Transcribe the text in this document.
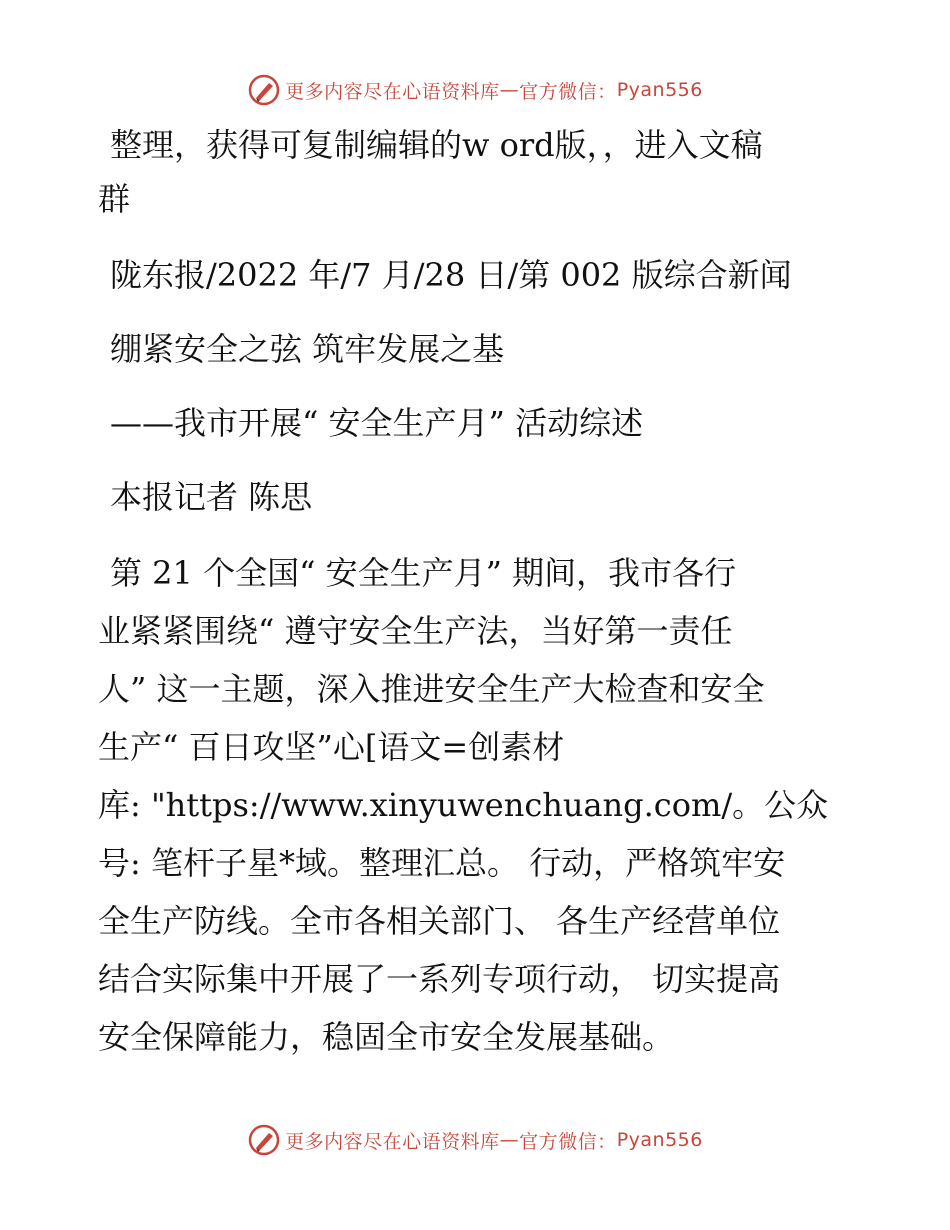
更多内容尽在心语资料库 — 官方微信： Pyan556
整理，获得可复制编辑的w ord版，，进入文稿
群
陇东报/2022 年/7 月/28 日/第 002 版综合新闻
绷紧安全之弦 筑牢发展之基
——我市开展“ 安全生产月” 活动综述
本报记者 陈思
第 21 个全国“ 安全生产月” 期间，我市各行
业紧紧围绕“ 遵守安全生产法，当好第一责任
人” 这一主题，深入推进安全生产大检查和安全
生产“ 百日攻坚”心[语文=创素材
库: "https://www.xinyuwenchuang.com/。公众
号: 笔杆子星*域。整理汇总。 行动，严格筑牢安
全生产防线。全市各相关部门、 各生产经营单位
结合实际集中开展了一系列专项行动， 切实提高
安全保障能力，稳固全市安全发展基础。
更多内容尽在心语资料库 — 官方微信： Pyan556
